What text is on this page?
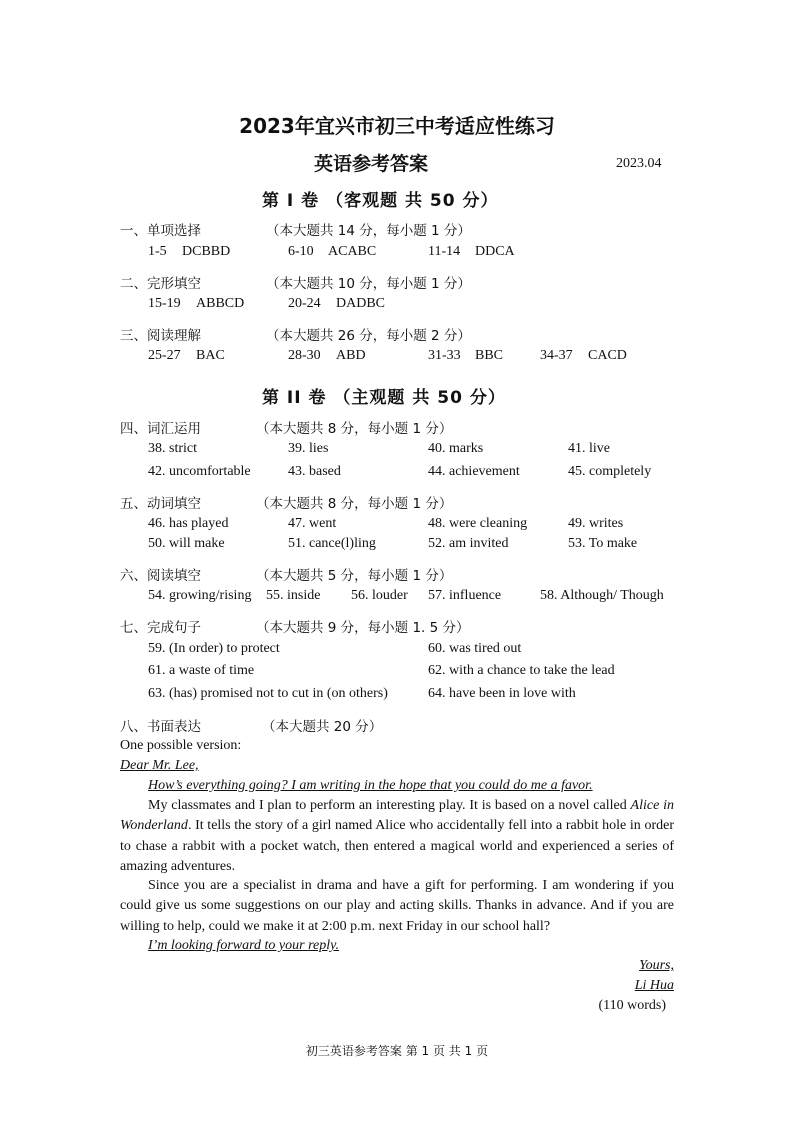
2023年宜兴市初三中考适应性练习
英语参考答案	2023.04
第 I 卷 （客观题 共 50 分）
一、单项选择	（本大题共 14 分，每小题 1 分）
1-5 DCBBD	6-10 ACABC	11-14 DDCA
二、完形填空	（本大题共 10 分，每小题 1 分）
15-19 ABBCD	20-24 DADBC
三、阅读理解	（本大题共 26 分，每小题 2 分）
25-27 BAC	28-30 ABD	31-33 BBC	34-37 CACD
第 II 卷 （主观题 共 50 分）
四、词汇运用	（本大题共 8 分，每小题 1 分）
38. strict	39. lies	40. marks	41. live
42. uncomfortable	43. based	44. achievement	45. completely
五、动词填空	（本大题共 8 分，每小题 1 分）
46. has played	47. went	48. were cleaning	49. writes
50. will make	51. cance(l)ling	52. am invited	53. To make
六、阅读填空	（本大题共 5 分，每小题 1 分）
54. growing/rising 55. inside 56. louder 57. influence	58. Although/ Though
七、完成句子	（本大题共 9 分，每小题 1. 5 分）
59. (In order) to protect	60. was tired out
61. a waste of time	62. with a chance to take the lead
63. (has) promised not to cut in (on others)	64. have been in love with
八、书面表达	（本大题共 20 分）
One possible version:
Dear Mr. Lee,
How’s everything going? I am writing in the hope that you could do me a favor.
My classmates and I plan to perform an interesting play. It is based on a novel called Alice in Wonderland. It tells the story of a girl named Alice who accidentally fell into a rabbit hole in order to chase a rabbit with a pocket watch, then entered a magical world and experienced a series of amazing adventures.
Since you are a specialist in drama and have a gift for performing. I am wondering if you could give us some suggestions on our play and acting skills. Thanks in advance. And if you are willing to help, could we make it at 2:00 p.m. next Friday in our school hall?
I’m looking forward to your reply.
Yours,
Li Hua
(110 words)
初三英语参考答案 第 1 页 共 1 页
